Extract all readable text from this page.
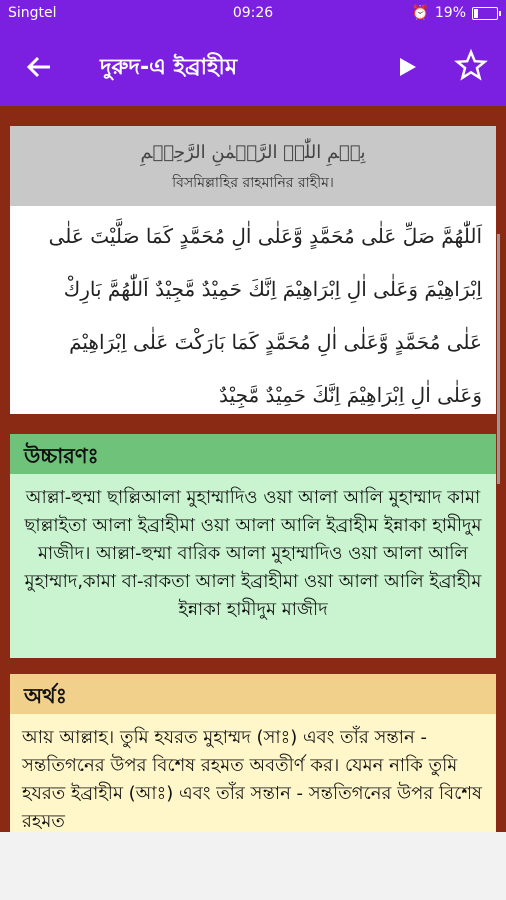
Singtel	09:26	⏰ 19%
দুরুদ-এ ইব্রাহীম
بِسۡمِ اللّٰہِ الرَّحۡمٰنِ الرَّحِیۡمِ
বিসমিল্লাহির রাহমানির রাহীম।
اَللّٰهُمَّ صَلِّ عَلٰى مُحَمَّدٍ وَّعَلٰى اٰلِ مُحَمَّدٍ كَمَا صَلَّيْتَ عَلٰى اِبْرَاهِيْمَ وَعَلٰى اٰلِ اِبْرَاهِيْمَ اِنَّكَ حَمِيْدٌ مَّجِيْدٌ اَللّٰهُمَّ بَارِكْ عَلٰى مُحَمَّدٍ وَّعَلٰى اٰلِ مُحَمَّدٍ كَمَا بَارَكْتَ عَلٰى اِبْرَاهِيْمَ وَعَلٰى اٰلِ اِبْرَاهِيْمَ اِنَّكَ حَمِيْدٌ مَّجِيْدٌ
উচ্চারণঃ
আল্লা-হুম্মা ছাল্লিআলা মুহাম্মাদিও ওয়া আলা আলি মুহাম্মাদ কামা ছাল্লাইতা আলা ইব্রাহীমা ওয়া আলা আলি ইব্রাহীম ইন্নাকা হামীদুম মাজীদ। আল্লা-হুম্মা বারিক আলা মুহাম্মাদিও ওয়া আলা আলি মুহাম্মাদ,কামা বা-রাকতা আলা ইব্রাহীমা ওয়া আলা আলি ইব্রাহীম ইন্নাকা হামীদুম মাজীদ
অর্থঃ
আয় আল্লাহ। তুমি হযরত মুহাম্মদ (সাঃ) এবং তাঁর সন্তান - সন্ততিগনের উপর বিশেষ রহমত অবতীর্ণ কর। যেমন নাকি তুমি হযরত ইব্রাহীম (আঃ) এবং তাঁর সন্তান - সন্ততিগনের উপর বিশেষ রহমত
